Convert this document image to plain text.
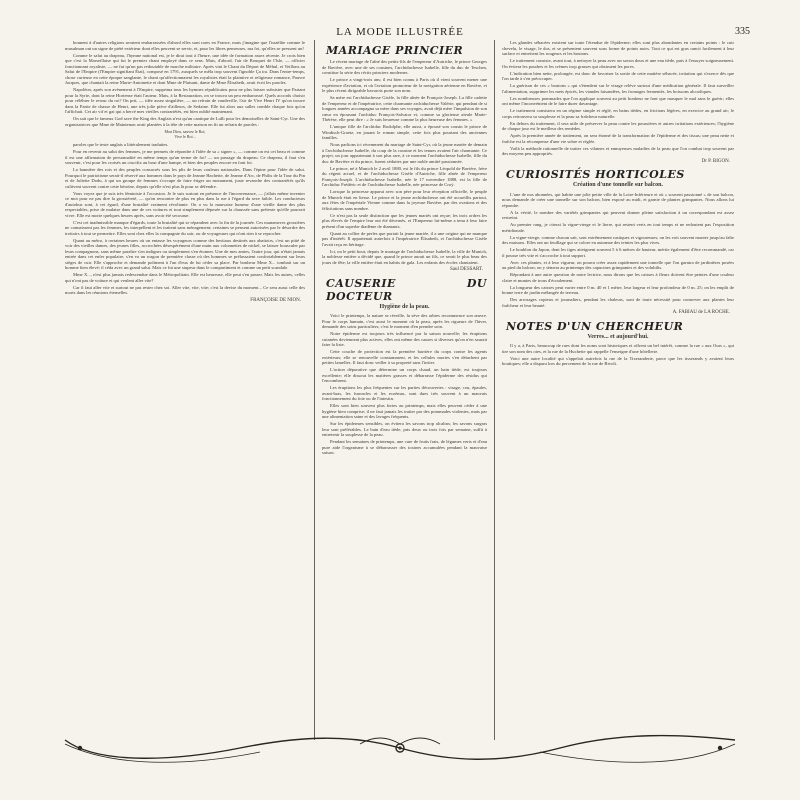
LA MODE ILLUSTRÉE	335

bonnent à d'autres religions seraient embarrassées d'abord elles sont rares en France, mais j'imagine que l'israélite comme le musulman ont un signe de piété extérieur dont elles peuvent se servir, et, pour les libres penseuses, ma foi, qu'elles se pressent un!

Comme le salut au drapeau, l'hymne national est, je le dirai tout à l'heure, une idée de formation assez récente. Je crois bien que c'est la Marseillaise qui fut le premier chant employé dans ce sens. Mais, d'abord, l'air de Bouquet de l'Isle, — officier fonctionnant royaliste, — ne fut qu'un pas redoutable de marche militaire. Après vint le Chant du Départ de Méhul, et Veillons au Salut de l'Empire (l'Empire signifiant État), composé en 1791, auxquels se mêla trop souvent l'ignoble Ça ira. Dans l'entre-temps, chose curieuse en cette époque sanglante, le chant qu'affectionnaient les royalistes était la plaintive et religieuse romance, Pauvre Jacques, que chantait la reine Marie-Antoinette et dont Mme de Plaisant, dame de Mme Élisabeth, avait écrit les paroles.

Napoléon, après son avènement à l'Empire, supprima tous les hymnes républicains pour ne plus laisser subsister que Partant pour la Syrie, dont la reine Hortense était l'auteur. Mais, à la Restauration, on se trouva un peu embarrassé. Quels accords choisir pour célébrer le retour du roi? On prit, — idée assez singulière, — un refrain de vaudeville, l'air de Vive Henri IV qu'on trouve dans la Partie de chasse de Henri, une très jolie pièce d'ailleurs, de Sedaine. Elle fut alors aux salles comble chaque fois qu'on l'affichait. Cet air vif et gai qui a bercé mes vieilles contrariétés, est bien oublié maintenant.

On sait que le fameux God save the King des Anglais n'est qu'un cantique de Lulli pour les demoiselles de Saint-Cyr. Une des organisatrices que Mme de Maintenon avait plantées à la tête de cette maison en fit un refrain de paroles :

Mon Dieu, sauvez le Roi,
Vive le Roi...

paroles que le texte anglais a littéralement traduites.

Pour en revenir au salut des femmes, je me permets de répondre à l'idée de sa « signer », — comme on est cet beau et comme il est une affirmation de personnalité en même temps qu'un terme de foi! — un passage du drapeau. Ce drapeau, il faut s'en souvenir, c'est pour les croisés un crucifix au bout d'une hampe, et bien des peuples encore en font foi.

La bannière des rois et des peuples consacrés sous les plis de leurs couleurs nationales. Dans l'épine pour l'idée de salut. Pourquoi le patriotisme serait-il réservé aux hommes dans le pays de Jeanne Hachette, de Jeanne d'Arc, de Philis de la Tour du Pin et de Juliette Dodu, à qui un groupe de femmes s'occupe de faire ériger un monument, juste revanche des contrariétés qu'ils cultivent souvent contre cette héroïne, depuis qu'elle n'est plus là pour se défendre.

Vous voyez que je suis très féministe à l'occasion. Je le suis surtout en présence de l'inconvenance, — j'allais même inventer ce mot pour ne pas dire la grossièreté, — qu'on rencontre de plus en plus dans la rue à l'égard du sexe faible. Les conducteurs d'autobus sont, à cet égard, d'une brutalité vraiment révoltante. On a vu la mauvaise humeur d'une vieille dame des plus respectables, prise de malaise dans une de ces voitures et tout simplement déposée sur la chaussée sans prétexte qu'elle pourrait vivre. Elle est morte quelques heures après, sans avoir été secourue.

C'est cet inadmissible manque d'égards, toute la brutalité qui se répandent avec la fin de la journée. Ces manœuvres grossières ne connaissent pas les femmes, les interpellent et les traitent sans ménagement; certaines se pensent autorisées par le désordre des trottoirs à tout se permettre. Elles sont chez elles la compagnie du soir, ou de voyageuses qui n'ont rien à se reprocher.

Quant au métro, à certaines heures où on entasse les voyageurs comme des bestiaux destinés aux abattoirs, c'est un pitié de voir des vieilles dames, des jeunes filles, accrochées désespérément d'une main aux colonnettes de nickel, se laisser bousculer par leurs compagnons, sans même paraître s'en indigner ou simplement s'en étonner. Une de mes amies, l'autre jour, qui n'était jamais entrée dans cet enfer populaire, s'en va un wagon de première classe où des hommes se prélassaient confortablement sur leurs sièges de cuir. Elle s'approche et demande poliment à l'un d'eux de lui céder sa place. Par bonheur Mme X... tombait sur un homme bien élevé; il céda avec un grand salut. Mais ce fut une stupeur dans le compartiment et comme un petit scandale.

Mme X..., n'est plus jamais redescendue dans le Métropolitain. Elle est heureuse, elle peut s'en passer. Mais les autres, celles qui n'ont pas de voiture et qui veulent aller vite?

Car il faut aller vite et surtout ne pas rester chez soi. Aller vite, vite, vite; c'est la devise du moment... Ce sera aussi celle des morts dans les réunions éternelles.

FRANÇOISE DE NION.
MARIAGE PRINCIER

Le récent mariage de l'aîné des petits-fils de l'empereur d'Autriche, le prince Georges de Bavière, avec une de ses cousines, l'archiduchesse Isabelle, fille du duc de Teschen, constitue la série des récits princiers modernes.

Le prince a vingt-trois ans; il est bien connu à Paris où il vient souvent mener une expérience d'aviation, et où l'aviation promoteur de la navigation aérienne en Bavière, et le plus récent dirigeable bavarois porte son nom.

Sa mère est l'archiduchesse Gisèle, la fille aînée de François-Joseph. La fille cadette de l'empereur et de l'impératrice, cette charmante archiduchesse Valérie, qui pendant de si longues années accompagna sa mère dans ses voyages, avait déjà mère l'impulsion de son cœur en épousant l'archiduc François-Salvator et, comme sa glorieuse aïeule Marie-Thérèse, elle peut dire : « Je suis heureuse comme la plus heureuse des femmes. »

L'unique fille de l'archiduc Rodolphe, elle aussi, a épousé son cousin le prince de Windisch-Graetz, en jouant le roman simple, cette fois plus pourtant des anciennes familles.

Nous parlions ici récemment du mariage de Saint-Cyr, où la jeune mariée de demain à l'archiduchesse Isabelle, du coup de la cousine et les tenues avaient l'air charmante. Ce projet, un jour appartenant à son plus rare, à ce moment l'archiduchesse Isabelle, fille du duc de Bavière et du prince, furent séduites par une noble amitié passionnée.

Le prince, né à Munich le 2 avril 1880, est le fils du prince Léopold de Bavière, frère du régent actuel, et de l'archiduchesse Gisèle d'Autriche, fille aînée de l'empereur François-Joseph. L'archiduchesse Isabelle, née le 17 novembre 1888, est la fille de l'archiduc Frédéric et de l'archiduchesse Isabelle, née princesse de Croÿ.

Lorsque la princesse apparut avec son père pour leur réception officielle, le peuple de Munich était en liesse. Le prince et la jeune archiduchesse ont été accueillis partout, aux fêtes de l'impériale Vienne comme dans la joyeuse Bavière, par des ovations et des félicitations sans nombre.

Ce n'est pas la seule distinction que les jeunes mariés ont reçue; les trois ordres les plus élevés de l'empire leur ont été décernés, et l'Empereur lui-même a tenu à leur faire présent d'un superbe diadème de diamants.

Quant au collier de perles que portait la jeune mariée, il a une origine qui ne manque pas d'intérêt. Il appartenait autrefois à l'impératrice Élisabeth, et l'archiduchesse Gisèle l'avait reçu en héritage.

Ici, on le petit bout, depuis le mariage de l'archiduchesse Isabelle, la ville de Munich, la noblesse entière a décidé que, quand le prince aurait un fils, ce serait le plus beau des jours de fête; la ville entière était en habits de gala. Les enfants des écoles chantaient.

Saul DESSART.
CAUSERIE DU DOCTEUR
Hygiène de la peau.

Voici le printemps, la nature se réveille, la sève des arbres recommence son œuvre. Pour le corps humain, c'est aussi le moment où la peau, après les rigueurs de l'hiver, demande des soins particuliers; c'est le moment d'en prendre soin.

Notre épiderme est toujours très influencé par la saison nouvelle; les éruptions cutanées deviennent plus actives, elles ont même des causes si diverses qu'on n'en saurait faire la liste.

Cette couche de protection est la première barrière du corps contre les agents extérieurs; elle se renouvelle constamment, et les cellules mortes s'en détachent par petites lamelles. Il faut donc veiller à sa propreté sans l'irriter.

L'action dépurative que détermine un corps chaud, un bain tiède, est toujours excellente; elle dissout les matières grasses et débarrasse l'épiderme des résidus qui l'encombrent.

Les éruptions les plus fréquentes sur les parties découvertes : visage, cou, épaules, avant-bras, les furoncles et les eczémas, sont dues très souvent à un mauvais fonctionnement du foie ou de l'intestin.

Elles sont bien souvent plus fortes au printemps, mais elles peuvent céder à une hygiène bien comprise; il ne faut jamais les traiter par des pommades violentes, mais par une alimentation saine et des lavages fréquents.

Sur les épidermes sensibles, on évitera les savons trop alcalins; les savons surgras leur sont préférables. Le bain d'eau tiède, pris deux ou trois fois par semaine, suffit à entretenir la souplesse de la peau.

Pendant les semaines de printemps, une cure de fruits frais, de légumes verts et d'eau pure aide l'organisme à se débarrasser des toxines accumulées pendant la mauvaise saison.

Les glandes sébacées existent sur toute l'étendue de l'épiderme; elles sont plus abondantes en certains points : le cuir chevelu, le visage, le dos, et se présentent souvent sous forme de points noirs. Tout ce qui est gras rancit facilement à leur surface et entretient les rougeurs et les boutons.

Le traitement consiste, avant tout, à nettoyer la peau avec un savon doux et une eau tiède, puis à l'essuyer soigneusement. On évitera les poudres et les crèmes trop grasses qui obstruent les pores.

L'indication bien nette, prolongée, est donc de favoriser la sortie de cette matière sébacée, irritation qui s'exerce dès que l'on tarde à s'en préoccuper.

La guérison de ces « boutons » qui s'étendent sur le visage relève surtout d'une médication générale. Il faut surveiller l'alimentation, supprimer les mets épicés, les viandes faisandées, les fromages fermentés, les boissons alcooliques.

Les nombreuses pommades que l'on applique souvent au petit bonheur ne font que masquer le mal sans le guérir; elles ont même l'inconvénient de le faire durer davantage.

Le traitement consistera en un régime simple et réglé, en bains tièdes, en frictions légères, en exercice au grand air; le corps retrouvera sa souplesse et la peau sa fraîcheur naturelle.

En dehors du traitement, il sera utile de préserver la peau contre les poussières et autres irritations extérieures; l'hygiène de chaque jour est le meilleur des remèdes.

Après la première année de traitement, on sera étonné de la transformation de l'épiderme et des tissus; une peau nette et fraîche est la récompense d'une vie sobre et réglée.

Voilà la méthode rationnelle de traiter ces vilaines et ennuyeuses maladies de la peau que l'on combat trop souvent par des moyens peu appropriés.

Dr P. BIGON.
CURIOSITÉS HORTICOLES
Création d'une tonnelle sur balcon.

L'une de nos abonnées, qui habite une jolie petite ville de la Loire-Inférieure et où « souvent passionné » de son balcon, nous demande de créer une tonnelle sur son balcon, bien exposé au midi, et garnie de plantes grimpantes. Nous allons lui répondre.

A la vérité, le nombre des variétés grimpantes qui peuvent donner pleine satisfaction à un correspondant est assez restreint.

Au premier rang, je citerai la vigne-vierge et le lierre, qui restent verts en tout temps et ne redoutent pas l'exposition méridionale.

La vigne-vierge, comme chacun sait, sont extrêmement rustiques et vigoureuses; on les voit souvent monter jusqu'au faîte des maisons. Elles ont un feuillage qui se colore en automne des teintes les plus vives.

Le houblon du Japon, dont les tiges atteignent souvent 5 à 6 mètres de hauteur, mérite également d'être recommandé, car il pousse très vite et s'accroche à tout support.

Avec ces plantes, et à leur vigueur, on pourra créer assez rapidement une tonnelle que l'on garnira de jardinières posées au pied du balcon; on y sèmera au printemps des capucines grimpantes et des volubilis.

Répondant à une autre question de notre lectrice, nous dirons que les caisses à fleurs doivent être peintes d'une couleur claire et munies de trous d'écoulement.

La longueur des caisses peut varier entre 0 m. 40 et 1 mètre, leur largeur et leur profondeur de 0 m. 25; on les emplit de bonne terre de jardin mélangée de terreau.

Des arrosages copieux et journaliers, pendant les chaleurs, sont de toute nécessité pour conserver aux plantes leur fraîcheur et leur beauté.

A. FABIAU de LA ROCHE.
NOTES D'UN CHERCHEUR
Verres... et aujourd'hui.

Il y a, à Paris, beaucoup de rues dont les noms sont historiques et offrent un bel intérêt, comme la rue « aux Ours », qui tire son nom des oies, et la rue de la Huchette qui rappelle l'enseigne d'une hôtellerie.

Voici une autre localité qui s'appelait autrefois la rue de la Tixeranderie, parce que les tisserands y avaient leurs boutiques; elle a disparu lors du percement de la rue de Rivoli.
